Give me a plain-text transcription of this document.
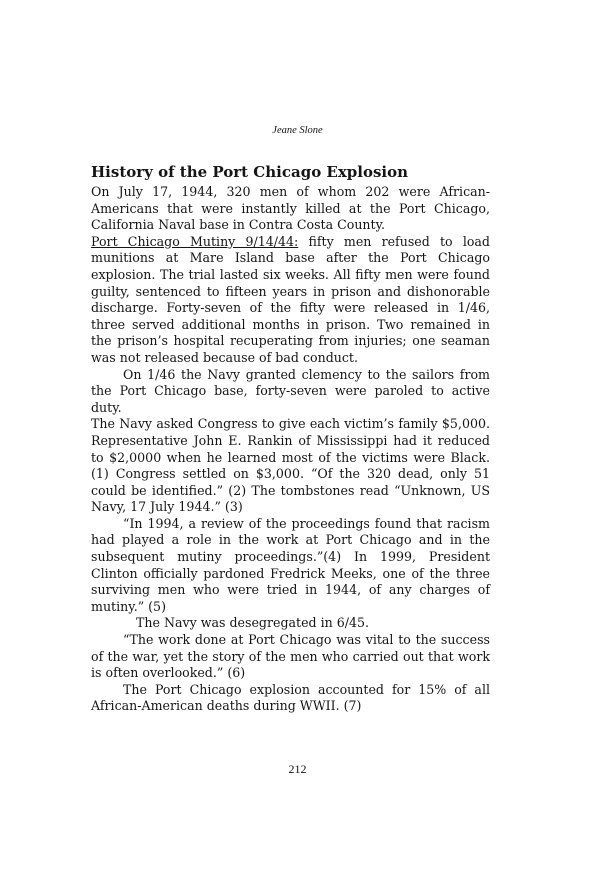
Jeane Slone
History of the Port Chicago Explosion

On July 17, 1944, 320 men of whom 202 were African-Americans that were instantly killed at the Port Chicago, California Naval base in Contra Costa County.

Port Chicago Mutiny 9/14/44: fifty men refused to load munitions at Mare Island base after the Port Chicago explosion. The trial lasted six weeks. All fifty men were found guilty, sentenced to fifteen years in prison and dishonorable discharge. Forty-seven of the fifty were released in 1/46, three served additional months in prison. Two remained in the prison’s hospital recuperating from injuries; one seaman was not released because of bad conduct.

On 1/46 the Navy granted clemency to the sailors from the Port Chicago base, forty-seven were paroled to active duty.

The Navy asked Congress to give each victim’s family $5,000. Representative John E. Rankin of Mississippi had it reduced to $2,0000 when he learned most of the victims were Black.(1) Congress settled on $3,000. “Of the 320 dead, only 51 could be identified.” (2) The tombstones read “Unknown, US Navy, 17 July 1944.” (3)

“In 1994, a review of the proceedings found that racism had played a role in the work at Port Chicago and in the subsequent mutiny proceedings.”(4) In 1999, President Clinton officially pardoned Fredrick Meeks, one of the three surviving men who were tried in 1944, of any charges of mutiny.” (5)

The Navy was desegregated in 6/45.

“The work done at Port Chicago was vital to the success of the war, yet the story of the men who carried out that work is often overlooked.” (6)

The Port Chicago explosion accounted for 15% of all African-American deaths during WWII. (7)

212
